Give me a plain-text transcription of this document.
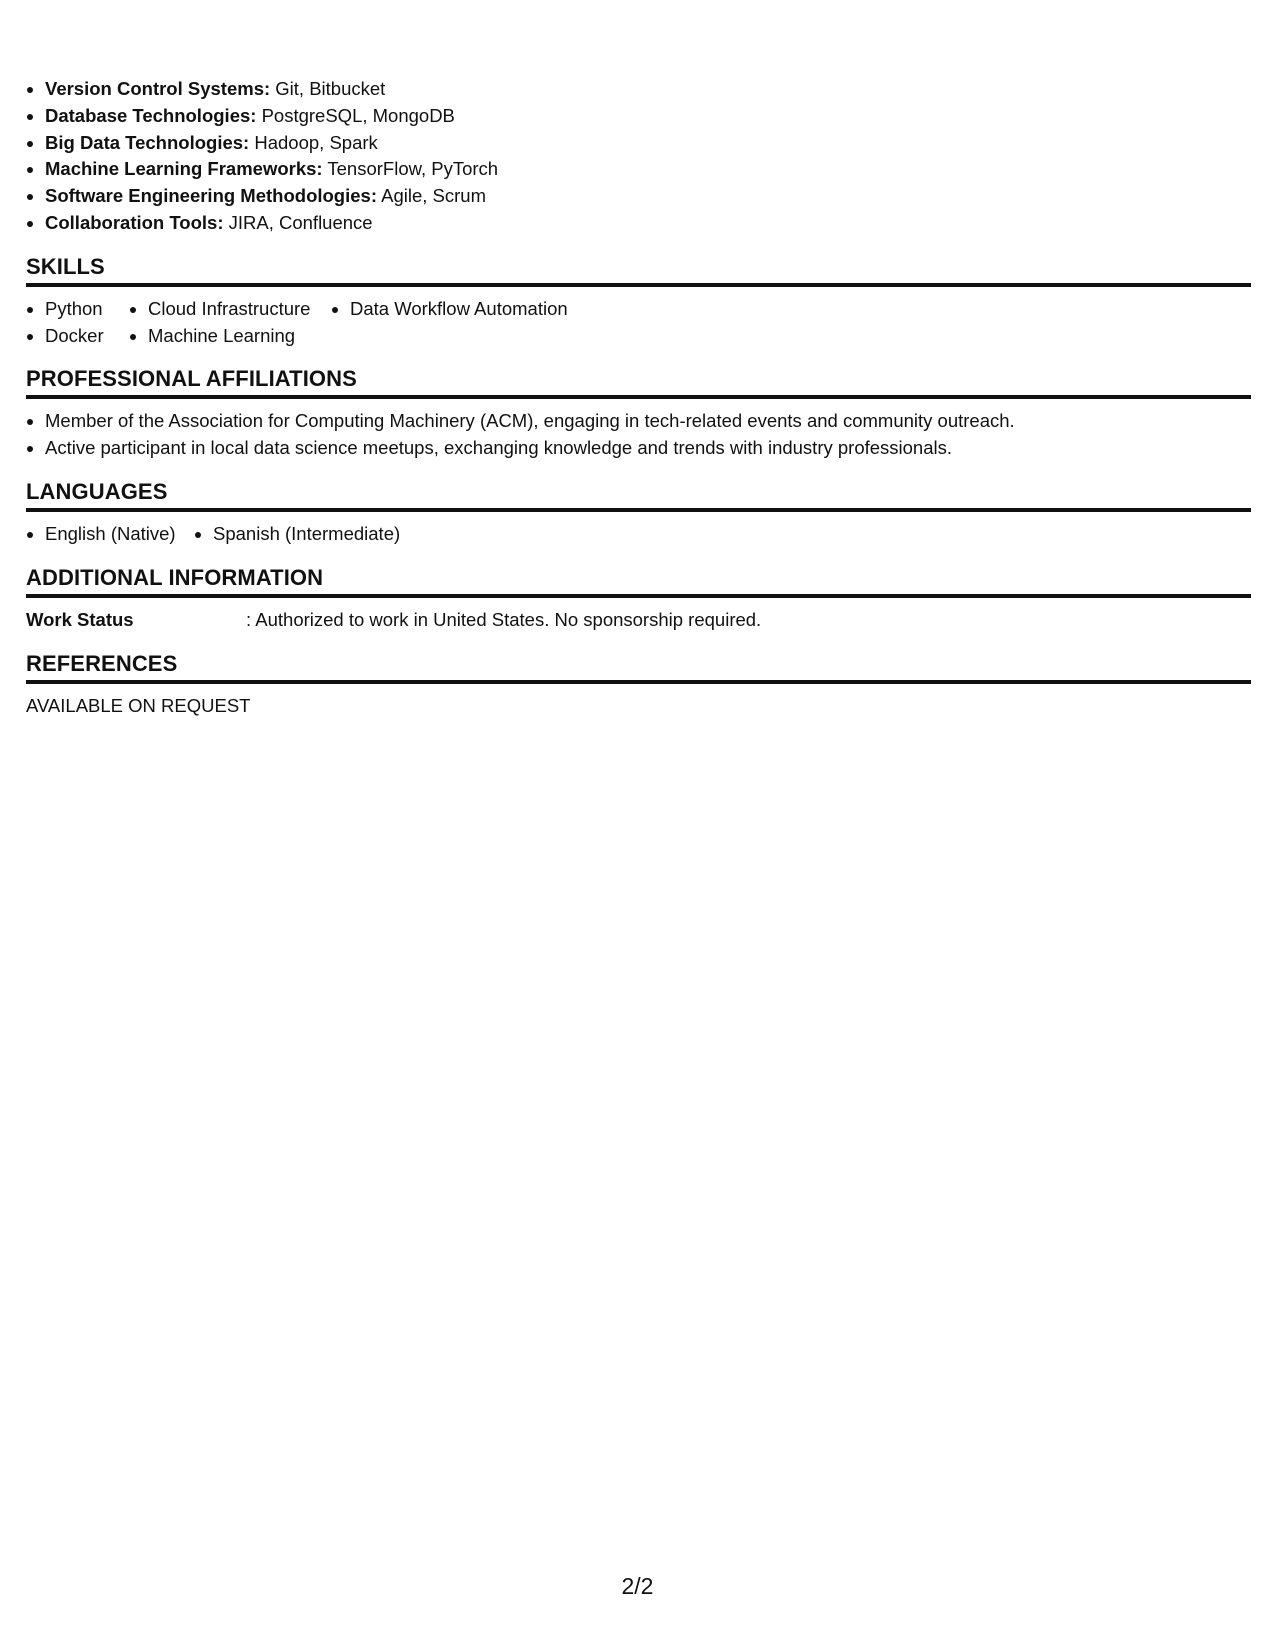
Version Control Systems: Git, Bitbucket
Database Technologies: PostgreSQL, MongoDB
Big Data Technologies: Hadoop, Spark
Machine Learning Frameworks: TensorFlow, PyTorch
Software Engineering Methodologies: Agile, Scrum
Collaboration Tools: JIRA, Confluence
SKILLS
Python	Cloud Infrastructure	Data Workflow Automation
Docker	Machine Learning
PROFESSIONAL AFFILIATIONS
Member of the Association for Computing Machinery (ACM), engaging in tech-related events and community outreach.
Active participant in local data science meetups, exchanging knowledge and trends with industry professionals.
LANGUAGES
English (Native)	Spanish (Intermediate)
ADDITIONAL INFORMATION
Work Status	: Authorized to work in United States. No sponsorship required.
REFERENCES
AVAILABLE ON REQUEST
2/2
